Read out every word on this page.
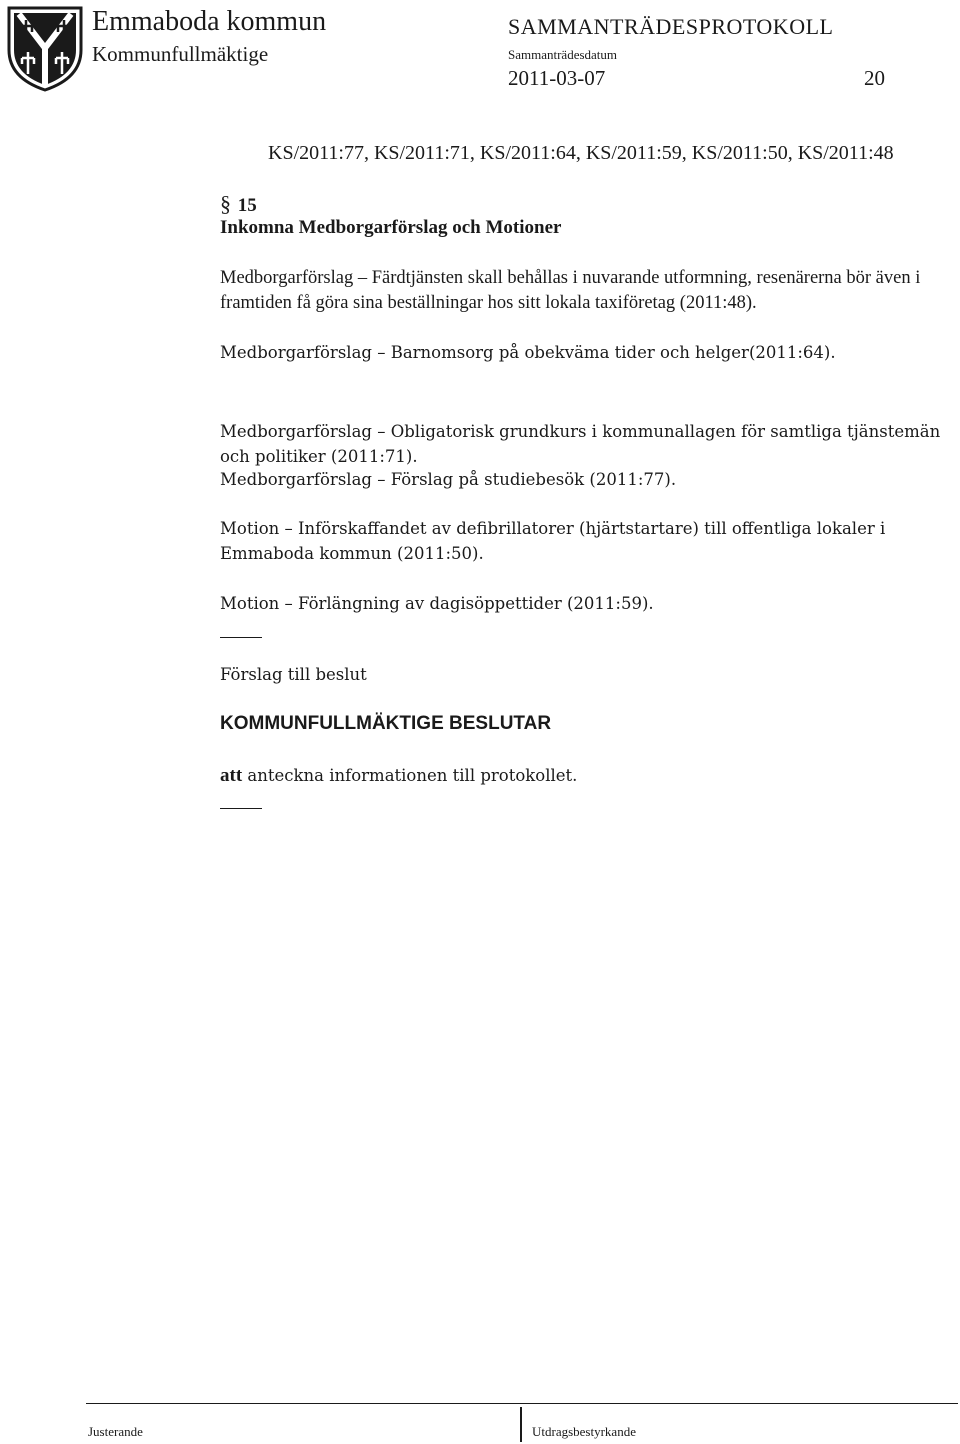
Emmaboda kommun
Kommunfullmäktige
SAMMANTRÄDESPROTOKOLL
Sammanträdesdatum
2011-03-07	20
KS/2011:77, KS/2011:71, KS/2011:64, KS/2011:59, KS/2011:50, KS/2011:48
§ 15
Inkomna Medborgarförslag och Motioner
Medborgarförslag – Färdtjänsten skall behållas i nuvarande utformning, resenärerna bör även i framtiden få göra sina beställningar hos sitt lokala taxiföretag (2011:48).
Medborgarförslag – Barnomsorg på obekväma tider och helger(2011:64).
Medborgarförslag – Obligatorisk grundkurs i kommunallagen för samtliga tjänstemän och politiker (2011:71).
Medborgarförslag – Förslag på studiebesök (2011:77).
Motion – Införskaffandet av defibrillatorer (hjärtstartare) till offentliga lokaler i Emmaboda kommun (2011:50).
Motion – Förlängning av dagisöppettider (2011:59).
Förslag till beslut
KOMMUNFULLMÄKTIGE BESLUTAR
att anteckna informationen till protokollet.
Justerande	Utdragsbestyrkande
